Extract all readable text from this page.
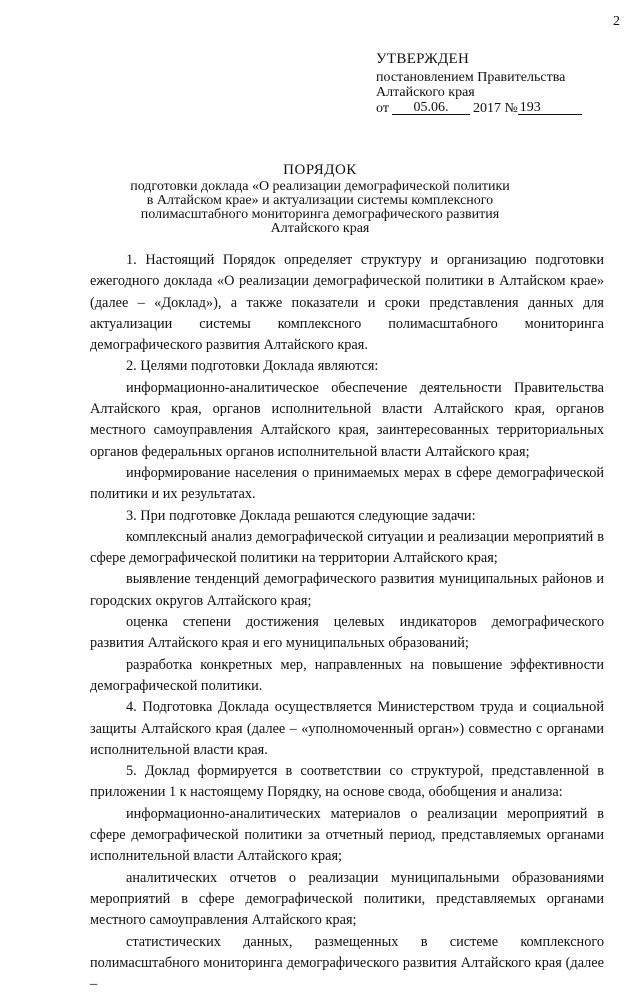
2
УТВЕРЖДЕН
постановлением Правительства
Алтайского края
от	05.06.	2017 № 193
ПОРЯДОК
подготовки доклада «О реализации демографической политики в Алтайском крае» и актуализации системы комплексного полимасштабного мониторинга демографического развития Алтайского края

1. Настоящий Порядок определяет структуру и организацию подготовки ежегодного доклада «О реализации демографической политики в Алтайском крае» (далее – «Доклад»), а также показатели и сроки представления данных для актуализации системы комплексного полимасштабного мониторинга демографического развития Алтайского края.

2. Целями подготовки Доклада являются:

информационно-аналитическое обеспечение деятельности Правительства Алтайского края, органов исполнительной власти Алтайского края, органов местного самоуправления Алтайского края, заинтересованных территориальных органов федеральных органов исполнительной власти Алтайского края;

информирование населения о принимаемых мерах в сфере демографической политики и их результатах.

3. При подготовке Доклада решаются следующие задачи:

комплексный анализ демографической ситуации и реализации мероприятий в сфере демографической политики на территории Алтайского края;

выявление тенденций демографического развития муниципальных районов и городских округов Алтайского края;

оценка степени достижения целевых индикаторов демографического развития Алтайского края и его муниципальных образований;

разработка конкретных мер, направленных на повышение эффективности демографической политики.

4. Подготовка Доклада осуществляется Министерством труда и социальной защиты Алтайского края (далее – «уполномоченный орган») совместно с органами исполнительной власти края.

5. Доклад формируется в соответствии со структурой, представленной в приложении 1 к настоящему Порядку, на основе свода, обобщения и анализа:

информационно-аналитических материалов о реализации мероприятий в сфере демографической политики за отчетный период, представляемых органами исполнительной власти Алтайского края;

аналитических отчетов о реализации муниципальными образованиями мероприятий в сфере демографической политики, представляемых органами местного самоуправления Алтайского края;

статистических данных, размещенных в системе комплексного полимасштабного мониторинга демографического развития Алтайского края (далее –
